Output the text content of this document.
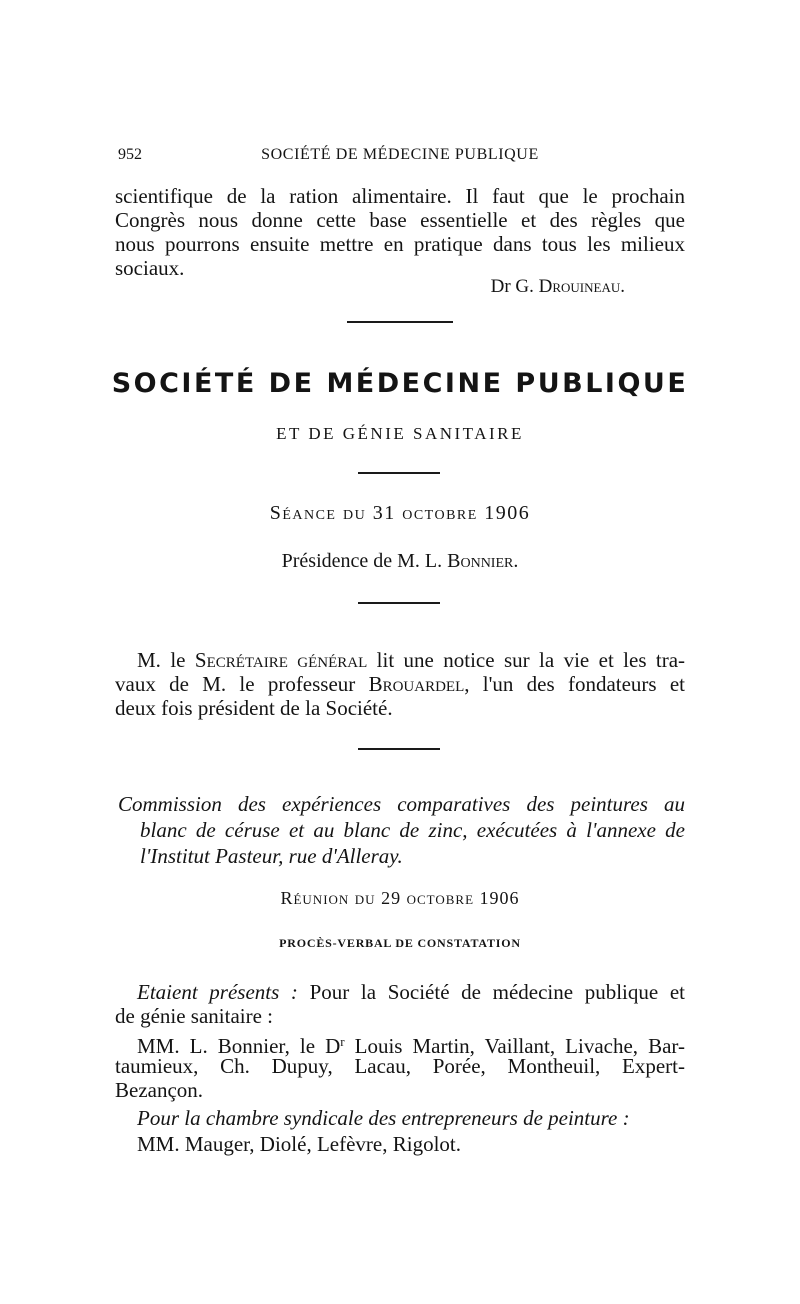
952	SOCIÉTÉ DE MÉDECINE PUBLIQUE
scientifique de la ration alimentaire. Il faut que le prochain
Congrès nous donne cette base essentielle et des règles que
nous pourrons ensuite mettre en pratique dans tous les milieux
sociaux.
Dr G. Drouineau.
SOCIÉTÉ DE MÉDECINE PUBLIQUE
ET DE GÉNIE SANITAIRE
Séance du 31 octobre 1906
Présidence de M. L. Bonnier.
M. le Secrétaire général lit une notice sur la vie et les tra-
vaux de M. le professeur Brouardel, l'un des fondateurs et
deux fois président de la Société.
Commission des expériences comparatives des peintures au
blanc de céruse et au blanc de zinc, exécutées à l'annexe de
l'Institut Pasteur, rue d'Alleray.
Réunion du 29 octobre 1906
PROCÈS-VERBAL DE CONSTATATION
Etaient présents : Pour la Société de médecine publique et
de génie sanitaire :
MM. L. Bonnier, le $D^r$ Louis Martin, Vaillant, Livache, Bar-
taumieux, Ch. Dupuy, Lacau, Porée, Montheuil, Expert-
Bezançon.
Pour la chambre syndicale des entrepreneurs de peinture :
MM. Mauger, Diolé, Lefèvre, Rigolot.
